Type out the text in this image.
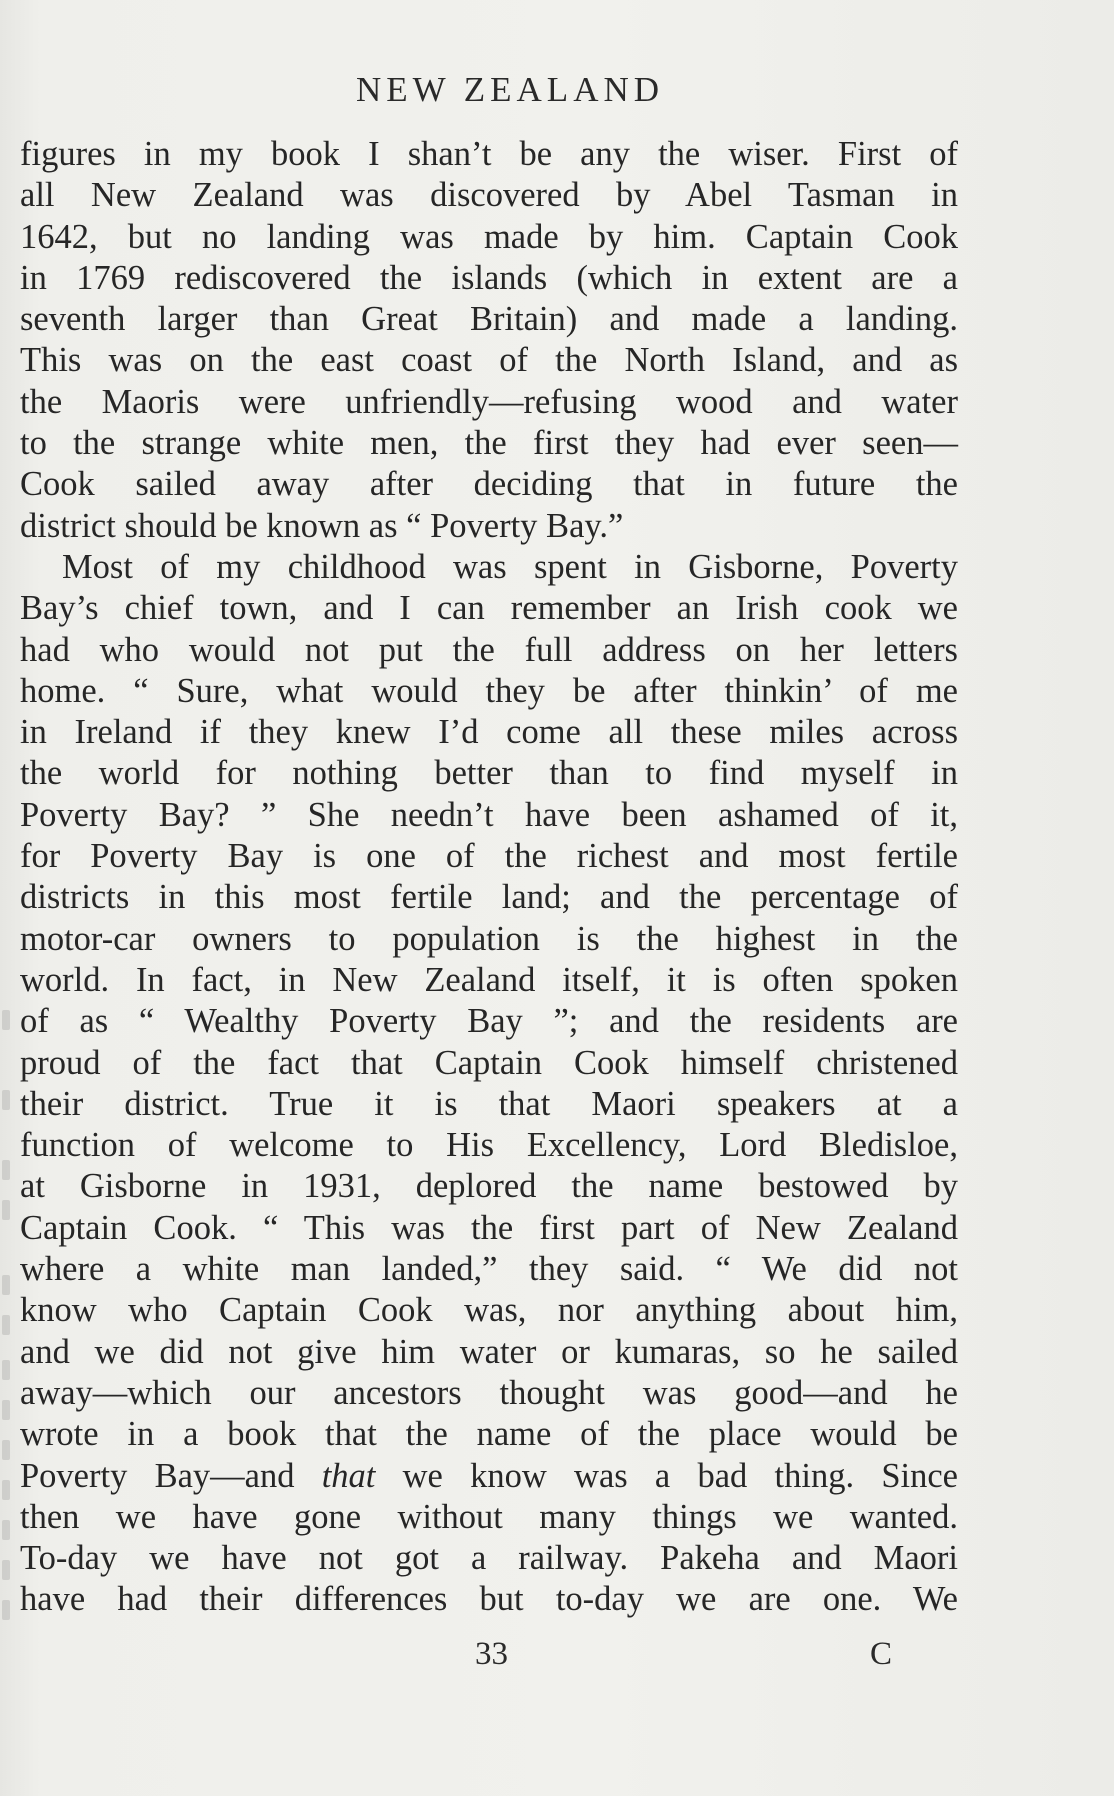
NEW ZEALAND
figures in my book I shan’t be any the wiser. First of
all New Zealand was discovered by Abel Tasman in
1642, but no landing was made by him. Captain Cook
in 1769 rediscovered the islands (which in extent are a
seventh larger than Great Britain) and made a landing.
This was on the east coast of the North Island, and as
the Maoris were unfriendly—refusing wood and water
to the strange white men, the first they had ever seen—
Cook sailed away after deciding that in future the
district should be known as “ Poverty Bay.”
Most of my childhood was spent in Gisborne, Poverty
Bay’s chief town, and I can remember an Irish cook we
had who would not put the full address on her letters
home. “ Sure, what would they be after thinkin’ of me
in Ireland if they knew I’d come all these miles across
the world for nothing better than to find myself in
Poverty Bay? ” She needn’t have been ashamed of it,
for Poverty Bay is one of the richest and most fertile
districts in this most fertile land; and the percentage of
motor-car owners to population is the highest in the
world. In fact, in New Zealand itself, it is often spoken
of as “ Wealthy Poverty Bay ”; and the residents are
proud of the fact that Captain Cook himself christened
their district. True it is that Maori speakers at a
function of welcome to His Excellency, Lord Bledisloe,
at Gisborne in 1931, deplored the name bestowed by
Captain Cook. “ This was the first part of New Zealand
where a white man landed,” they said. “ We did not
know who Captain Cook was, nor anything about him,
and we did not give him water or kumaras, so he sailed
away—which our ancestors thought was good—and he
wrote in a book that the name of the place would be
Poverty Bay—and that we know was a bad thing. Since
then we have gone without many things we wanted.
To-day we have not got a railway. Pakeha and Maori
have had their differences but to-day we are one. We
33	C
